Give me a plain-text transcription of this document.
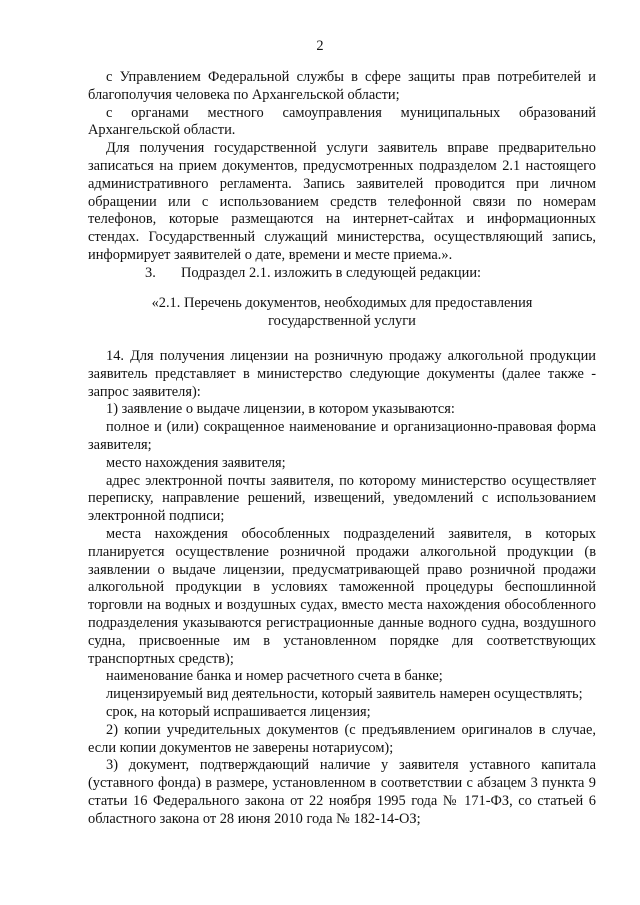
2

с Управлением Федеральной службы в сфере защиты прав потребителей и благополучия человека по Архангельской области;

с органами местного самоуправления муниципальных образований Архангельской области.

Для получения государственной услуги заявитель вправе предварительно записаться на прием документов, предусмотренных подразделом 2.1 настоящего административного регламента. Запись заявителей проводится при личном обращении или с использованием средств телефонной связи по номерам телефонов, которые размещаются на интернет-сайтах и информационных стендах. Государственный служащий министерства, осуществляющий запись, информирует заявителей о дате, времени и месте приема.».

3.       Подраздел 2.1. изложить в следующей редакции:

«2.1. Перечень документов, необходимых для предоставления
государственной услуги

14. Для получения лицензии на розничную продажу алкогольной продукции заявитель представляет в министерство следующие документы (далее также - запрос заявителя):

1) заявление о выдаче лицензии, в котором указываются:

полное и (или) сокращенное наименование и организационно-правовая форма заявителя;

место нахождения заявителя;

адрес электронной почты заявителя, по которому министерство осуществляет переписку, направление решений, извещений, уведомлений с использованием электронной подписи;

места нахождения обособленных подразделений заявителя, в которых планируется осуществление розничной продажи алкогольной продукции (в заявлении о выдаче лицензии, предусматривающей право розничной продажи алкогольной продукции в условиях таможенной процедуры беспошлинной торговли на водных и воздушных судах, вместо места нахождения обособленного подразделения указываются регистрационные данные водного судна, воздушного судна, присвоенные им в установленном порядке для соответствующих транспортных средств);

наименование банка и номер расчетного счета в банке;

лицензируемый вид деятельности, который заявитель намерен осуществлять;

срок, на который испрашивается лицензия;

2) копии учредительных документов (с предъявлением оригиналов в случае, если копии документов не заверены нотариусом);

3) документ, подтверждающий наличие у заявителя уставного капитала (уставного фонда) в размере, установленном в соответствии с абзацем 3 пункта 9 статьи 16 Федерального закона от 22 ноября 1995 года № 171-ФЗ, со статьей 6 областного закона от 28 июня 2010 года № 182-14-ОЗ;
